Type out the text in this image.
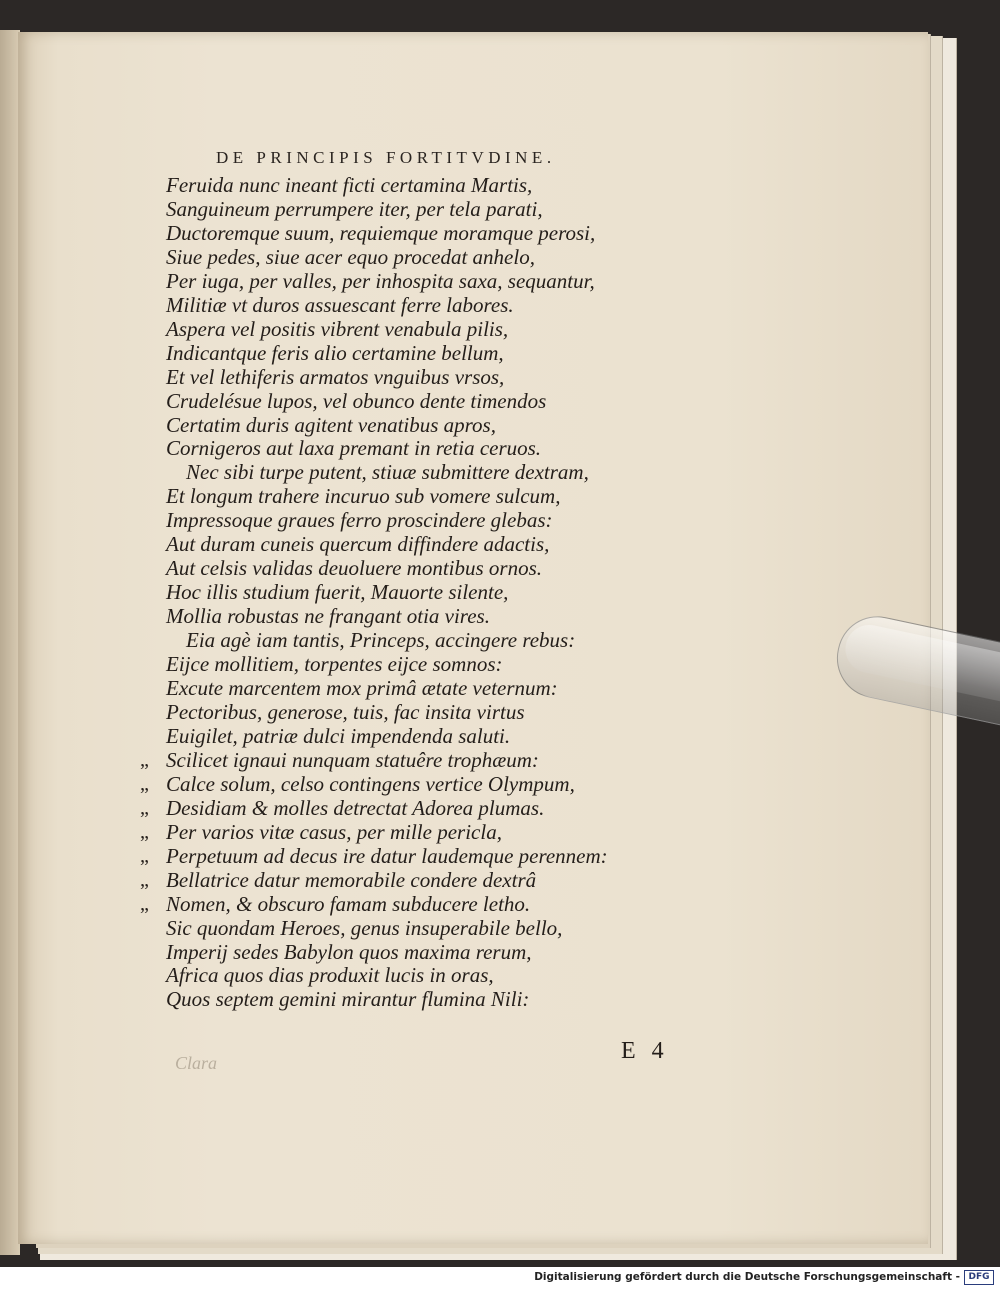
DE PRINCIPIS FORTITVDINE.
Feruida nunc ineant ficti certamina Martis,
Sanguineum perrumpere iter, per tela parati,
Ductoremque suum, requiemque moramque perosi,
Siue pedes, siue acer equo procedat anhelo,
Per iuga, per valles, per inhospita saxa, sequantur,
Militiæ vt duros assuescant ferre labores.
Aspera vel positis vibrent venabula pilis,
Indicantque feris alio certamine bellum,
Et vel lethiferis armatos vnguibus vrsos,
Crudelésue lupos, vel obunco dente timendos
Certatim duris agitent venatibus apros,
Cornigeros aut laxa premant in retia ceruos.
Nec sibi turpe putent, stiuæ submittere dextram,
Et longum trahere incuruo sub vomere sulcum,
Impressoque graues ferro proscindere glebas:
Aut duram cuneis quercum diffindere adactis,
Aut celsis validas deuoluere montibus ornos.
Hoc illis studium fuerit, Mauorte silente,
Mollia robustas ne frangant otia vires.
Eia agè iam tantis, Princeps, accingere rebus:
Eijce mollitiem, torpentes eijce somnos:
Excute marcentem mox primâ ætate veternum:
Pectoribus, generose, tuis, fac insita virtus
Euigilet, patriæ dulci impendenda saluti.
„ Scilicet ignaui nunquam statuêre trophæum:
„ Calce solum, celso contingens vertice Olympum,
„ Desidiam & molles detrectat Adorea plumas.
„ Per varios vitæ casus, per mille pericla,
„ Perpetuum ad decus ire datur laudemque perennem:
„ Bellatrice datur memorabile condere dextrâ
„ Nomen, & obscuro famam subducere letho.
Sic quondam Heroes, genus insuperabile bello,
Imperij sedes Babylon quos maxima rerum,
Africa quos dias produxit lucis in oras,
Quos septem gemini mirantur flumina Nili:
E 4
Clara
Digitalisierung gefördert durch die Deutsche Forschungsgemeinschaft - DFG
